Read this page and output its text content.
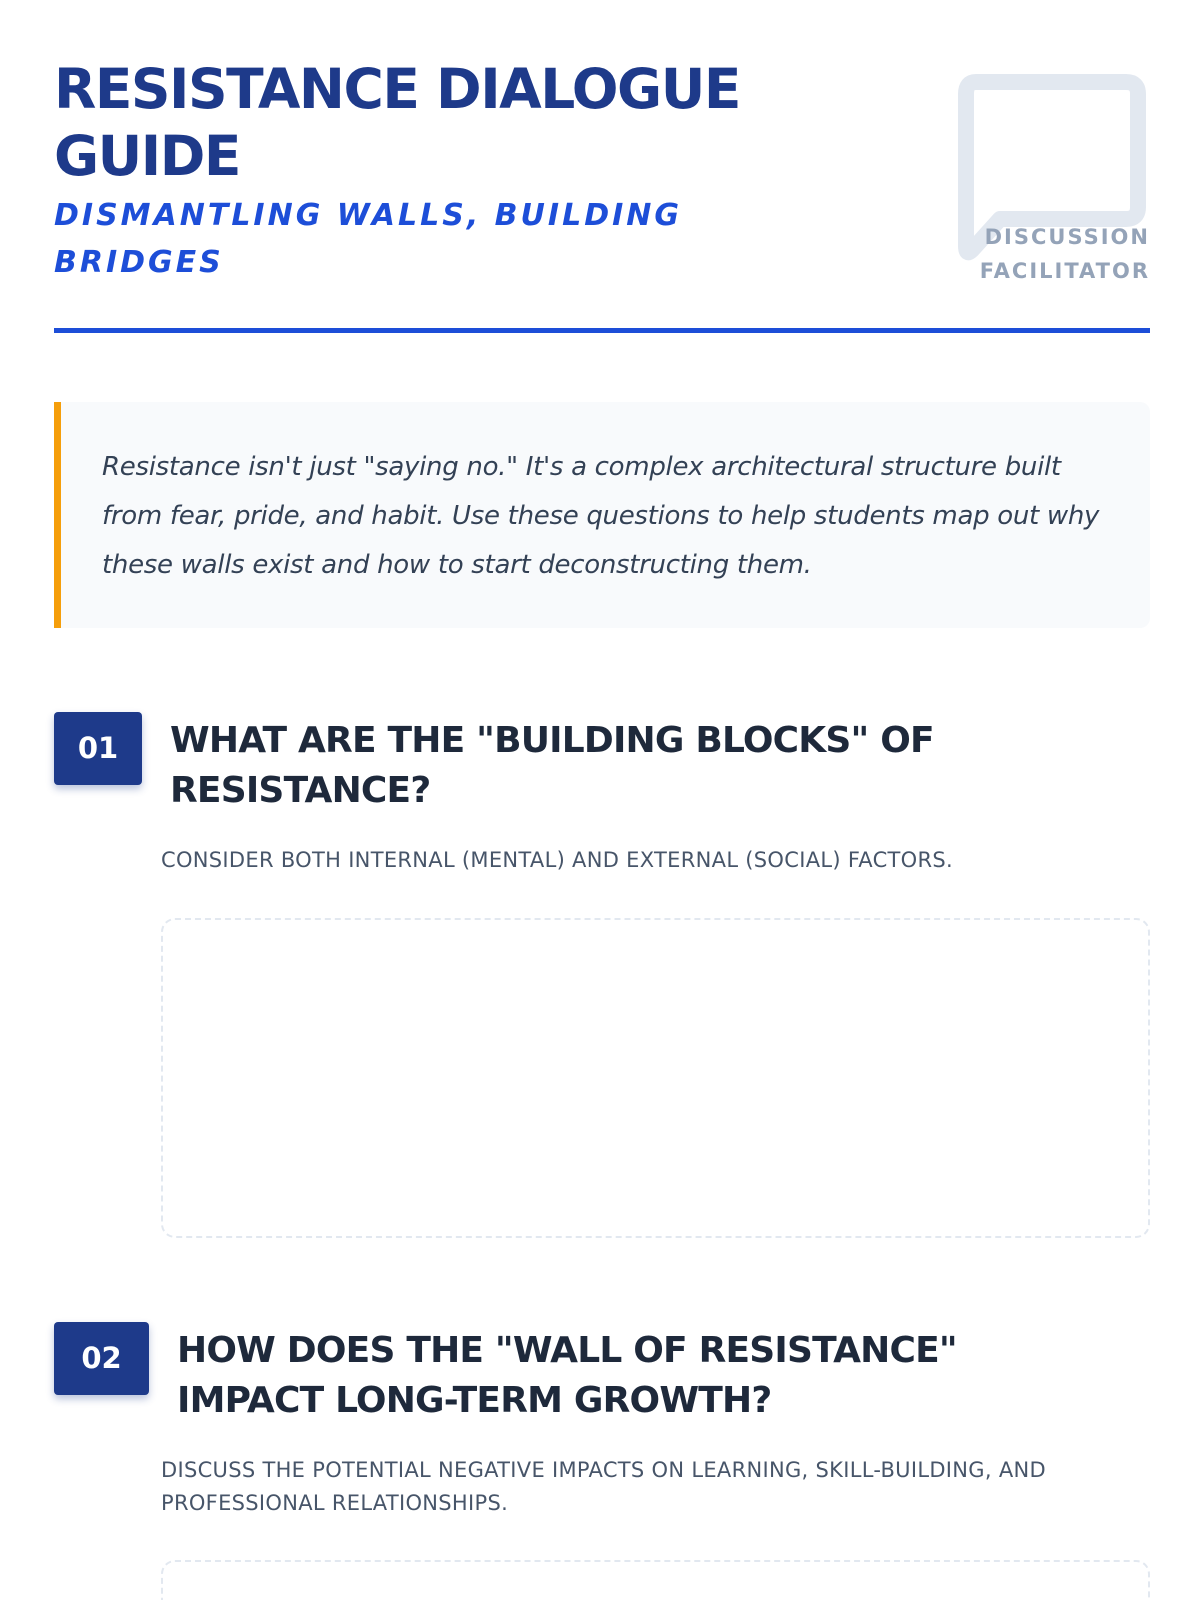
RESISTANCE DIALOGUE GUIDE
DISMANTLING WALLS, BUILDING BRIDGES
DISCUSSION
FACILITATOR

Resistance isn't just "saying no." It's a complex architectural structure built from fear, pride, and habit. Use these questions to help students map out why these walls exist and how to start deconstructing them.

01	WHAT ARE THE "BUILDING BLOCKS" OF RESISTANCE?

CONSIDER BOTH INTERNAL (MENTAL) AND EXTERNAL (SOCIAL) FACTORS.

02	HOW DOES THE "WALL OF RESISTANCE" IMPACT LONG-TERM GROWTH?

DISCUSS THE POTENTIAL NEGATIVE IMPACTS ON LEARNING, SKILL-BUILDING, AND PROFESSIONAL RELATIONSHIPS.
